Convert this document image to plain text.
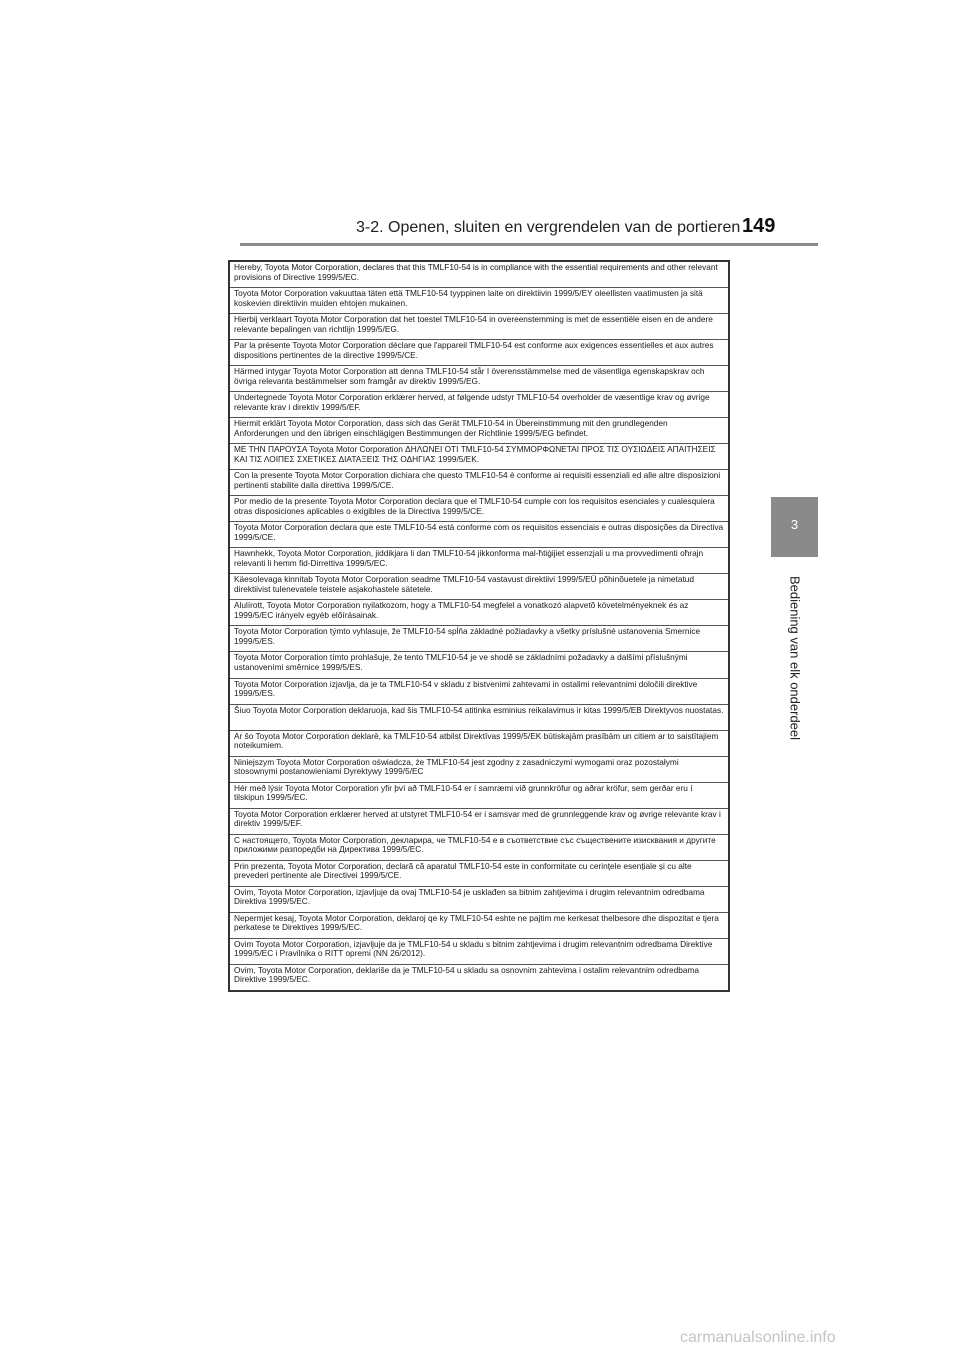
3-2. Openen, sluiten en vergrendelen van de portieren 149
3
Bediening van elk onderdeel
Hereby, Toyota Motor Corporation, declares that this TMLF10-54 is in compliance with the essential requirements and other relevant provisions of Directive 1999/5/EC.
Toyota Motor Corporation vakuuttaa täten että TMLF10-54 tyyppinen laite on direktiivin 1999/5/EY oleellisten vaatimusten ja sitä koskevien direktiivin muiden ehtojen mukainen.
Hierbij verklaart Toyota Motor Corporation dat het toestel TMLF10-54 in overeenstemming is met de essentiële eisen en de andere relevante bepalingen van richtlijn 1999/5/EG.
Par la présente Toyota Motor Corporation déclare que l'appareil TMLF10-54 est conforme aux exigences essentielles et aux autres dispositions pertinentes de la directive 1999/5/CE.
Härmed intygar Toyota Motor Corporation att denna TMLF10-54 står I överensstämmelse med de väsentliga egenskapskrav och övriga relevanta bestämmelser som framgår av direktiv 1999/5/EG.
Undertegnede Toyota Motor Corporation erklærer herved, at følgende udstyr TMLF10-54 overholder de væsentlige krav og øvrige relevante krav i direktiv 1999/5/EF.
Hiermit erklärt Toyota Motor Corporation, dass sich das Gerät TMLF10-54 in Übereinstimmung mit den grundlegenden Anforderungen und den übrigen einschlägigen Bestimmungen der Richtlinie 1999/5/EG befindet.
ΜΕ ΤΗΝ ΠΑΡΟΥΣΑ Toyota Motor Corporation ΔΗΛΩΝΕΙ ΟΤΙ TMLF10-54 ΣΥΜΜΟΡΦΩΝΕΤΑΙ ΠΡΟΣ ΤΙΣ ΟΥΣΙΩΔΕΙΣ ΑΠΑΙΤΗΣΕΙΣ ΚΑΙ ΤΙΣ ΛΟΙΠΕΣ ΣΧΕΤΙΚΕΣ ΔΙΑΤΑΞΕΙΣ ΤΗΣ ΟΔΗΓΙΑΣ 1999/5/ΕΚ.
Con la presente Toyota Motor Corporation dichiara che questo TMLF10-54 è conforme ai requisiti essenziali ed alle altre disposizioni pertinenti stabilite dalla direttiva 1999/5/CE.
Por medio de la presente Toyota Motor Corporation declara que el TMLF10-54 cumple con los requisitos esenciales y cualesquiera otras disposiciones aplicables o exigibles de la Directiva 1999/5/CE.
Toyota Motor Corporation declara que este TMLF10-54 está conforme com os requisitos essenciais e outras disposições da Directiva 1999/5/CE.
Hawnhekk, Toyota Motor Corporation, jiddikjara li dan TMLF10-54 jikkonforma mal-ħtiġijiet essenzjali u ma provvedimenti oħrajn relevanti li hemm fid-Dirrettiva 1999/5/EC.
Käesolevaga kinnitab Toyota Motor Corporation seadme TMLF10-54 vastavust direktiivi 1999/5/EÜ põhinõuetele ja nimetatud direktiivist tulenevatele teistele asjakohastele sätetele.
Alulírott, Toyota Motor Corporation nyilatkozom, hogy a TMLF10-54 megfelel a vonatkozó alapvetõ követelményeknek és az 1999/5/EC irányelv egyéb előírásainak.
Toyota Motor Corporation týmto vyhlasuje, že TMLF10-54 spĺňa základné požiadavky a všetky príslušné ustanovenia Smernice 1999/5/ES.
Toyota Motor Corporation tímto prohlašuje, že tento TMLF10-54 je ve shodě se základními požadavky a dalšími příslušnými ustanoveními směrnice 1999/5/ES.
Toyota Motor Corporation izjavlja, da je ta TMLF10-54 v skladu z bistvenimi zahtevami in ostalimi relevantnimi določili direktive 1999/5/ES.
Šiuo Toyota Motor Corporation deklaruoja, kad šis TMLF10-54 atitinka esminius reikalavimus ir kitas 1999/5/EB Direktyvos nuostatas.
Ar šo Toyota Motor Corporation deklarē, ka TMLF10-54 atbilst Direktīvas 1999/5/EK būtiskajām prasībām un citiem ar to saistītajiem noteikumiem.
Niniejszym Toyota Motor Corporation oświadcza, że TMLF10-54 jest zgodny z zasadniczymi wymogami oraz pozostałymi stosownymi postanowieniami Dyrektywy 1999/5/EC
Hér með lýsir Toyota Motor Corporation yfir því að TMLF10-54 er í samræmi við grunnkröfur og aðrar kröfur, sem gerðar eru í tilskipun 1999/5/EC.
Toyota Motor Corporation erklærer herved at utstyret TMLF10-54 er i samsvar med de grunnleggende krav og øvrige relevante krav i direktiv 1999/5/EF.
С настоящето, Toyota Motor Corporation, декларира, че TMLF10-54 е в съответствие със съществените изисквания и другите приложими разпоредби на Директива 1999/5/ЕС.
Prin prezenta, Toyota Motor Corporation, declară că aparatul TMLF10-54 este in conformitate cu cerințele esențiale și cu alte prevederi pertinente ale Directivei 1999/5/CE.
Ovim, Toyota Motor Corporation, izjavljuje da ovaj TMLF10-54 je usklađen sa bitnim zahtjevima i drugim relevantnim odredbama Direktiva 1999/5/EC.
Nepermjet kesaj, Toyota Motor Corporation, deklaroj qe ky TMLF10-54 eshte ne pajtim me kerkesat thelbesore dhe dispozitat e tjera perkatese te Direktives 1999/5/EC.
Ovim Toyota Motor Corporation, izjavljuje da je TMLF10-54 u skladu s bitnim zahtjevima i drugim relevantnim odredbama Direktive 1999/5/EC i Pravilnika o RITT opremi (NN 26/2012).
Ovim, Toyota Motor Corporation, deklariše da je TMLF10-54 u skladu sa osnovnim zahtevima i ostalim relevantnim odredbama Direktive 1999/5/EC.
carmanualsonline.info
